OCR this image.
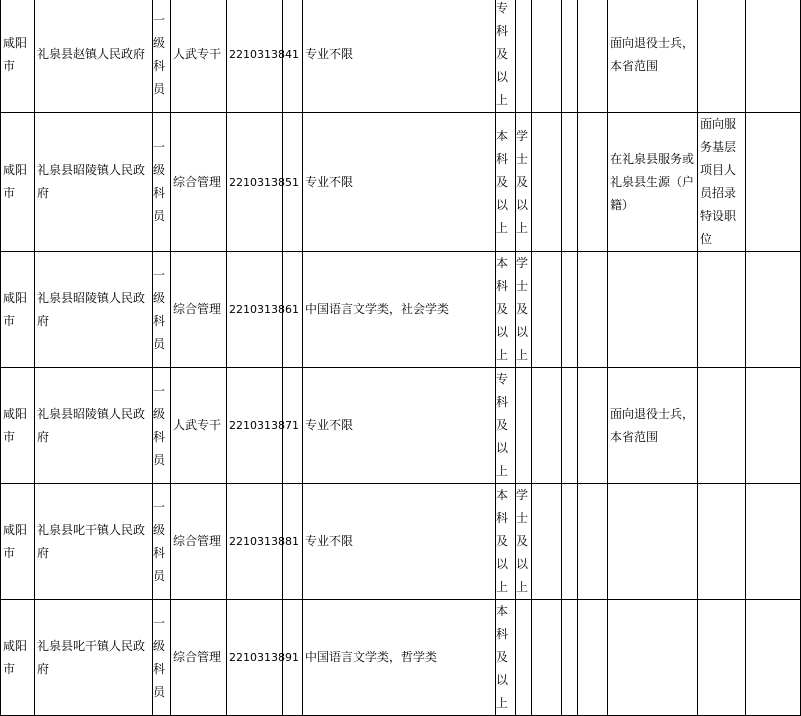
咸阳市	礼泉县赵镇人民政府	一级科员	人武专干	2210313841		专业不限	专科及以上					面向退役士兵，本省范围		
咸阳市	礼泉县昭陵镇人民政府	一级科员	综合管理	2210313851		专业不限	本科及以上	学士及以上				在礼泉县服务或礼泉县生源（户籍）	面向服务基层项目人员招录特设职位	
咸阳市	礼泉县昭陵镇人民政府	一级科员	综合管理	2210313861		中国语言文学类，社会学类	本科及以上	学士及以上						
咸阳市	礼泉县昭陵镇人民政府	一级科员	人武专干	2210313871		专业不限	专科及以上					面向退役士兵，本省范围		
咸阳市	礼泉县叱干镇人民政府	一级科员	综合管理	2210313881		专业不限	本科及以上	学士及以上						
咸阳市	礼泉县叱干镇人民政府	一级科员	综合管理	2210313891		中国语言文学类，哲学类	本科及以上							
